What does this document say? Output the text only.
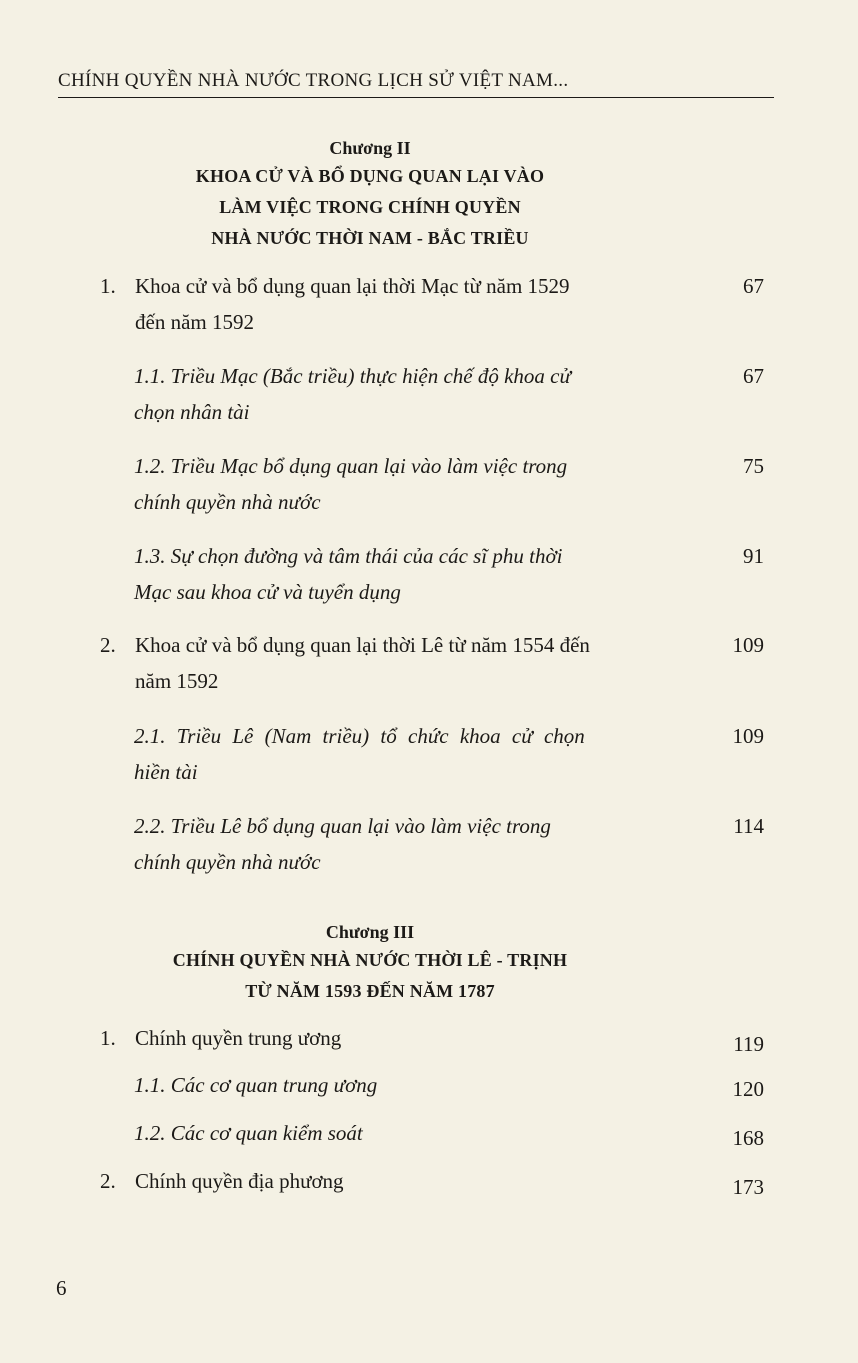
CHÍNH QUYỀN NHÀ NƯỚC TRONG LỊCH SỬ VIỆT NAM...
Chương II
KHOA CỬ VÀ BỔ DỤNG QUAN LẠI VÀO
LÀM VIỆC TRONG CHÍNH QUYỀN
NHÀ NƯỚC THỜI NAM - BẮC TRIỀU
1. Khoa cử và bổ dụng quan lại thời Mạc từ năm 1529
đến năm 1592
67
1.1. Triều Mạc (Bắc triều) thực hiện chế độ khoa cử
chọn nhân tài
67
1.2. Triều Mạc bổ dụng quan lại vào làm việc trong
chính quyền nhà nước
75
1.3. Sự chọn đường và tâm thái của các sĩ phu thời
Mạc sau khoa cử và tuyển dụng
91
2. Khoa cử và bổ dụng quan lại thời Lê từ năm 1554 đến
năm 1592
109
2.1. Triều Lê (Nam triều) tổ chức khoa cử chọn
hiền tài
109
2.2. Triều Lê bổ dụng quan lại vào làm việc trong
chính quyền nhà nước
114
Chương III
CHÍNH QUYỀN NHÀ NƯỚC THỜI LÊ - TRỊNH
TỪ NĂM 1593 ĐẾN NĂM 1787
1. Chính quyền trung ương	119
1.1. Các cơ quan trung ương	120
1.2. Các cơ quan kiểm soát	168
2. Chính quyền địa phương	173
6
